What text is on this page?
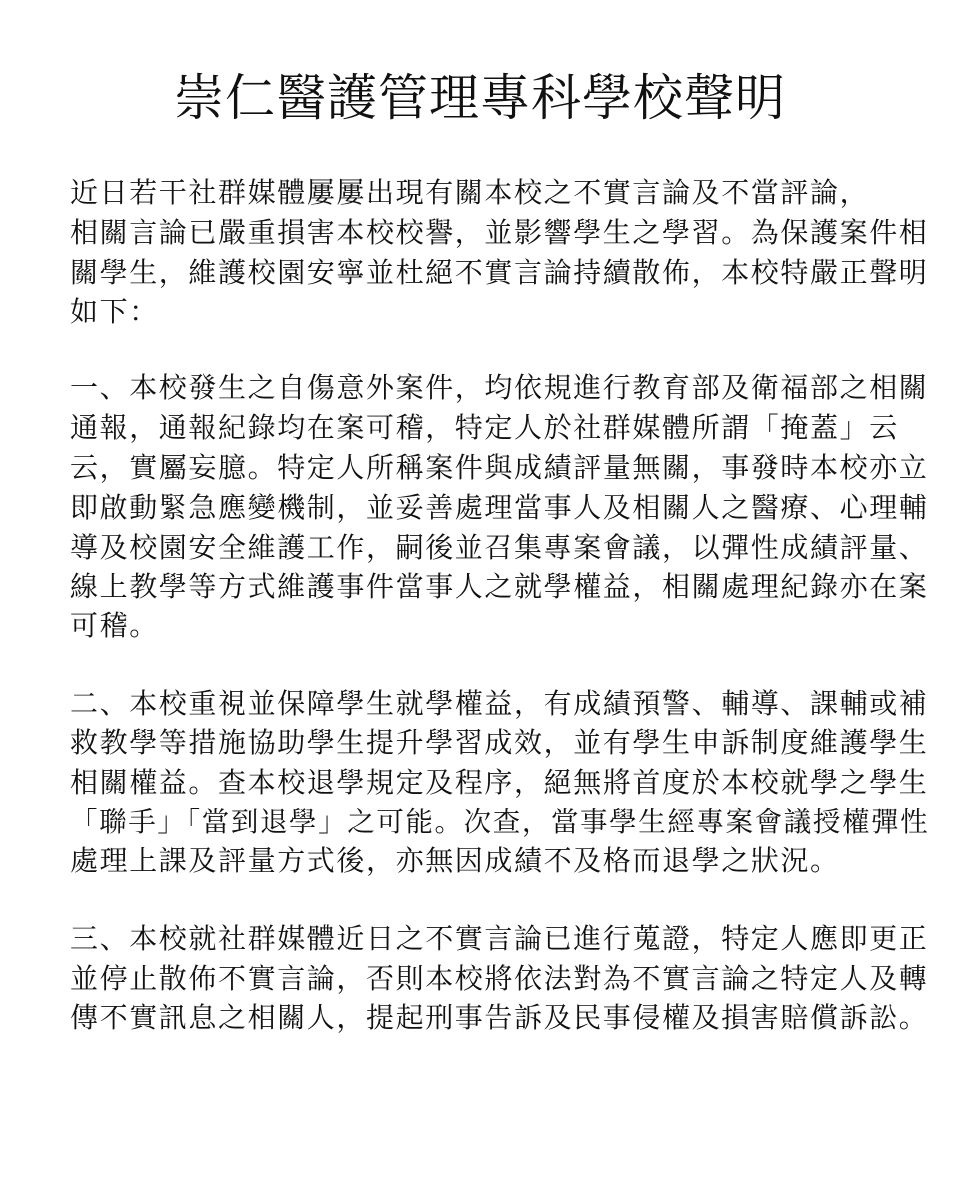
崇仁醫護管理專科學校聲明
近日若干社群媒體屢屢出現有關本校之不實言論及不當評論，
相關言論已嚴重損害本校校譽，並影響學生之學習。為保護案件相
關學生，維護校園安寧並杜絕不實言論持續散佈，本校特嚴正聲明
如下：
一、本校發生之自傷意外案件，均依規進行教育部及衛福部之相關
通報，通報紀錄均在案可稽，特定人於社群媒體所謂「掩蓋」云
云，實屬妄臆。特定人所稱案件與成績評量無關，事發時本校亦立
即啟動緊急應變機制，並妥善處理當事人及相關人之醫療、心理輔
導及校園安全維護工作，嗣後並召集專案會議，以彈性成績評量、
線上教學等方式維護事件當事人之就學權益，相關處理紀錄亦在案
可稽。
二、本校重視並保障學生就學權益，有成績預警、輔導、課輔或補
救教學等措施協助學生提升學習成效，並有學生申訴制度維護學生
相關權益。查本校退學規定及程序，絕無將首度於本校就學之學生
「聯手」「當到退學」之可能。次查，當事學生經專案會議授權彈性
處理上課及評量方式後，亦無因成績不及格而退學之狀況。
三、本校就社群媒體近日之不實言論已進行蒐證，特定人應即更正
並停止散佈不實言論，否則本校將依法對為不實言論之特定人及轉
傳不實訊息之相關人，提起刑事告訴及民事侵權及損害賠償訴訟。
